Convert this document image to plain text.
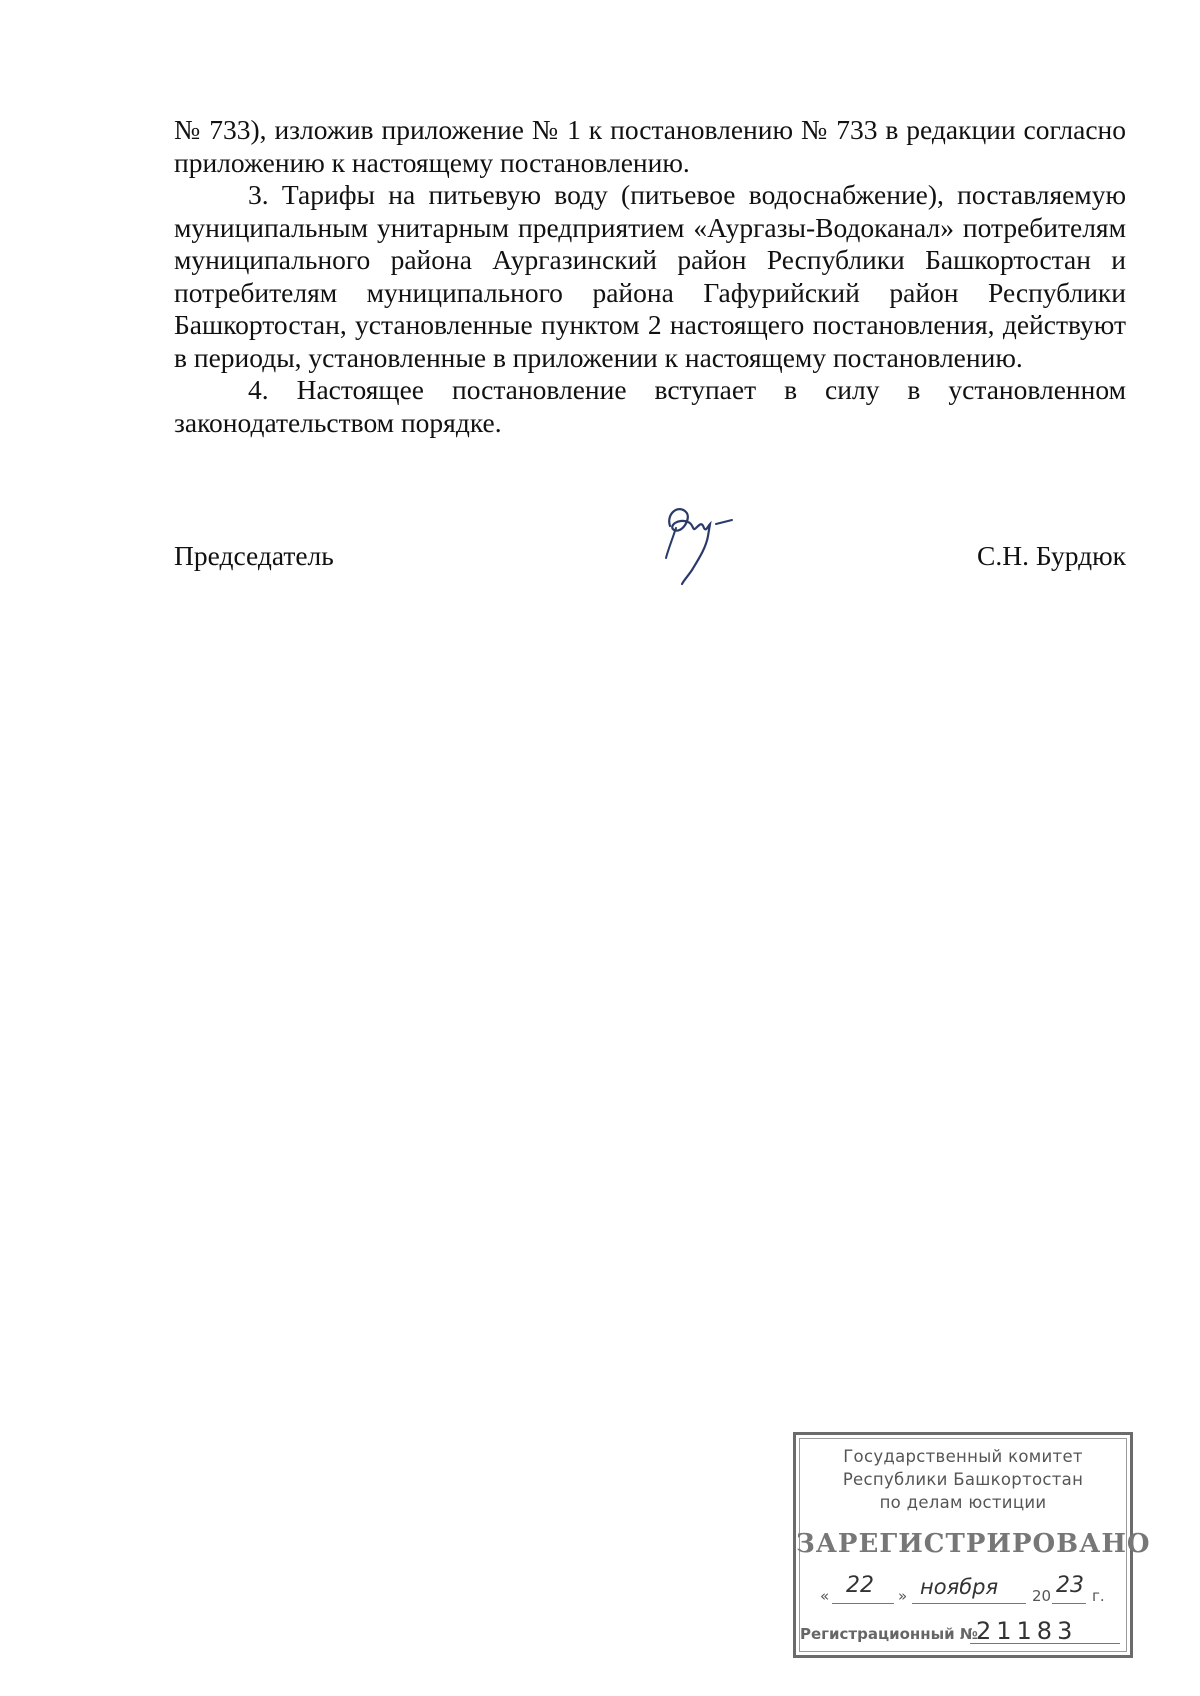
№ 733), изложив приложение № 1 к постановлению № 733 в редакции согласно приложению к настоящему постановлению.

3. Тарифы на питьевую воду (питьевое водоснабжение), поставляемую муниципальным унитарным предприятием «Аургазы-Водоканал» потребителям муниципального района Аургазинский район Республики Башкортостан и потребителям муниципального района Гафурийский район Республики Башкортостан, установленные пунктом 2 настоящего постановления, действуют в периоды, установленные в приложении к настоящему постановлению.

4. Настоящее постановление вступает в силу в установленном законодательством порядке.

Председатель	С.Н. Бурдюк
Государственный комитет
Республики Башкортостан
по делам юстиции
ЗАРЕГИСТРИРОВАНО
« 22 » ноября 20 23 г.
Регистрационный №
21183
